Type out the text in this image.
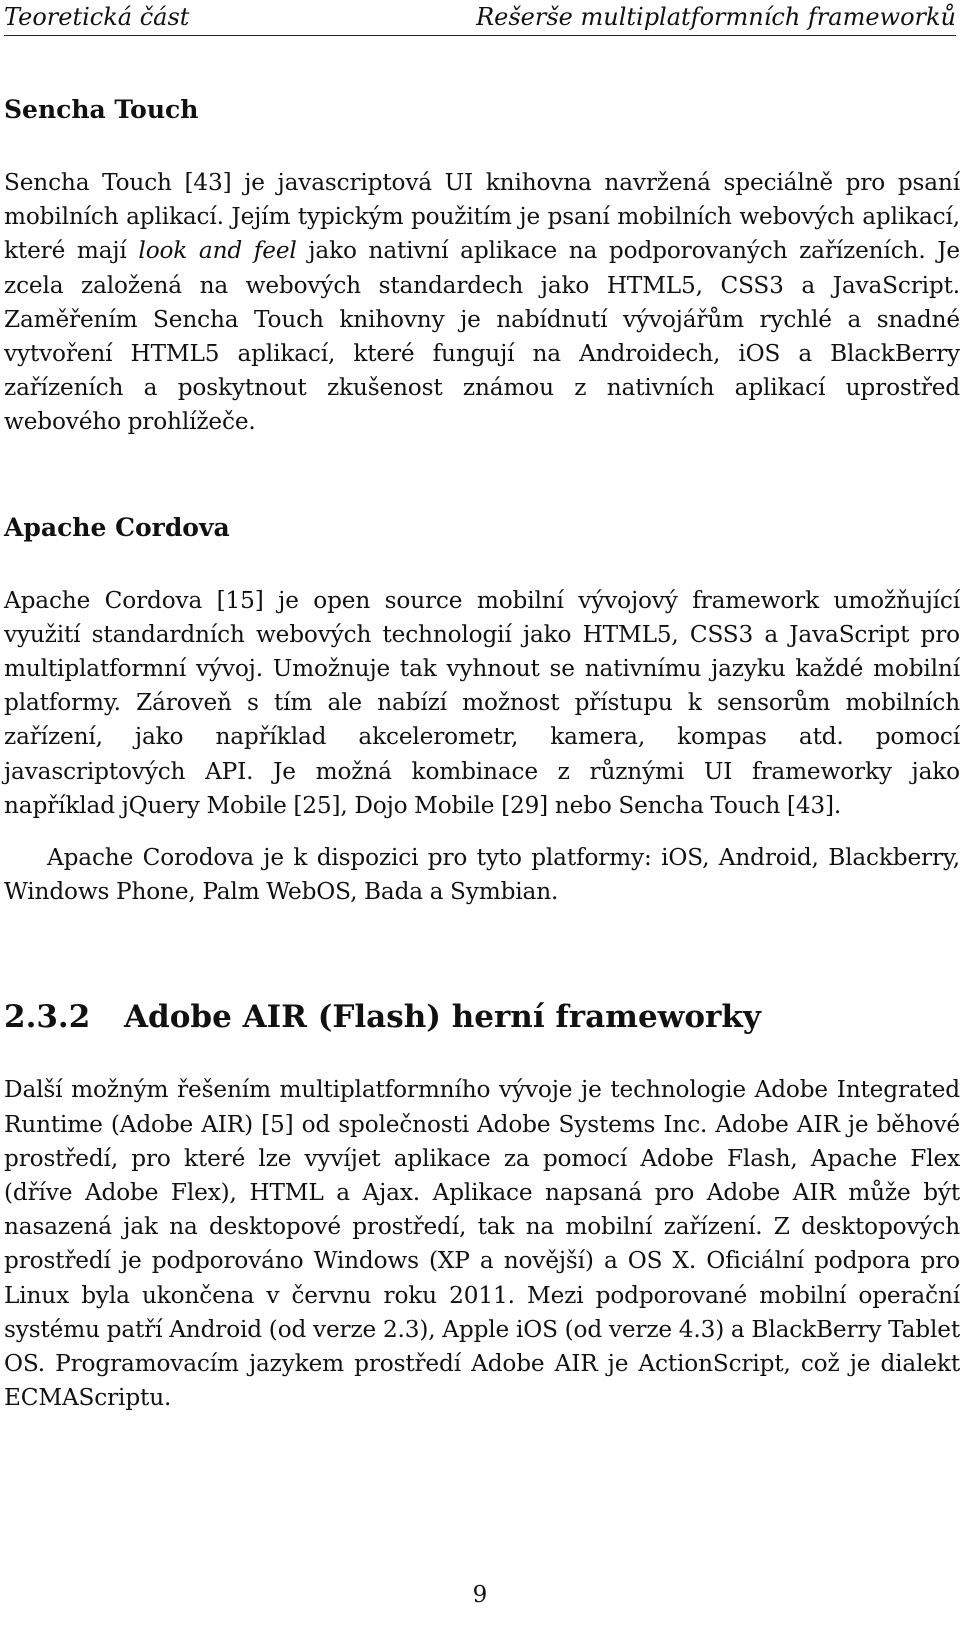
Teoretická část	Rešerše multiplatformních frameworků
Sencha Touch

Sencha Touch [43] je javascriptová UI knihovna navržená speciálně pro psaní mobilních aplikací. Jejím typickým použitím je psaní mobilních webových aplikací, které mají look and feel jako nativní aplikace na podporovaných zařízeních. Je zcela založená na webových standardech jako HTML5, CSS3 a JavaScript. Zaměřením Sencha Touch knihovny je nabídnutí vývojářům rychlé a snadné vytvoření HTML5 aplikací, které fungují na Androidech, iOS a BlackBerry zařízeních a poskytnout zkušenost známou z nativních aplikací uprostřed webového prohlížeče.

Apache Cordova

Apache Cordova [15] je open source mobilní vývojový framework umožňující využití standardních webových technologií jako HTML5, CSS3 a JavaScript pro multiplatformní vývoj. Umožnuje tak vyhnout se nativnímu jazyku každé mobilní platformy. Zároveň s tím ale nabízí možnost přístupu k sensorům mobilních zařízení, jako například akcelerometr, kamera, kompas atd. pomocí javascriptových API. Je možná kombinace z různými UI frameworky jako například jQuery Mobile [25], Dojo Mobile [29] nebo Sencha Touch [43].

Apache Corodova je k dispozici pro tyto platformy: iOS, Android, Blackberry, Windows Phone, Palm WebOS, Bada a Symbian.

2.3.2 Adobe AIR (Flash) herní frameworky

Další možným řešením multiplatformního vývoje je technologie Adobe Integrated Runtime (Adobe AIR) [5] od společnosti Adobe Systems Inc. Adobe AIR je běhové prostředí, pro které lze vyvíjet aplikace za pomocí Adobe Flash, Apache Flex (dříve Adobe Flex), HTML a Ajax. Aplikace napsaná pro Adobe AIR může být nasazená jak na desktopové prostředí, tak na mobilní zařízení. Z desktopových prostředí je podporováno Windows (XP a novější) a OS X. Oficiální podpora pro Linux byla ukončena v červnu roku 2011. Mezi podporované mobilní operační systému patří Android (od verze 2.3), Apple iOS (od verze 4.3) a BlackBerry Tablet OS. Programovacím jazykem prostředí Adobe AIR je ActionScript, což je dialekt ECMAScriptu.

9
